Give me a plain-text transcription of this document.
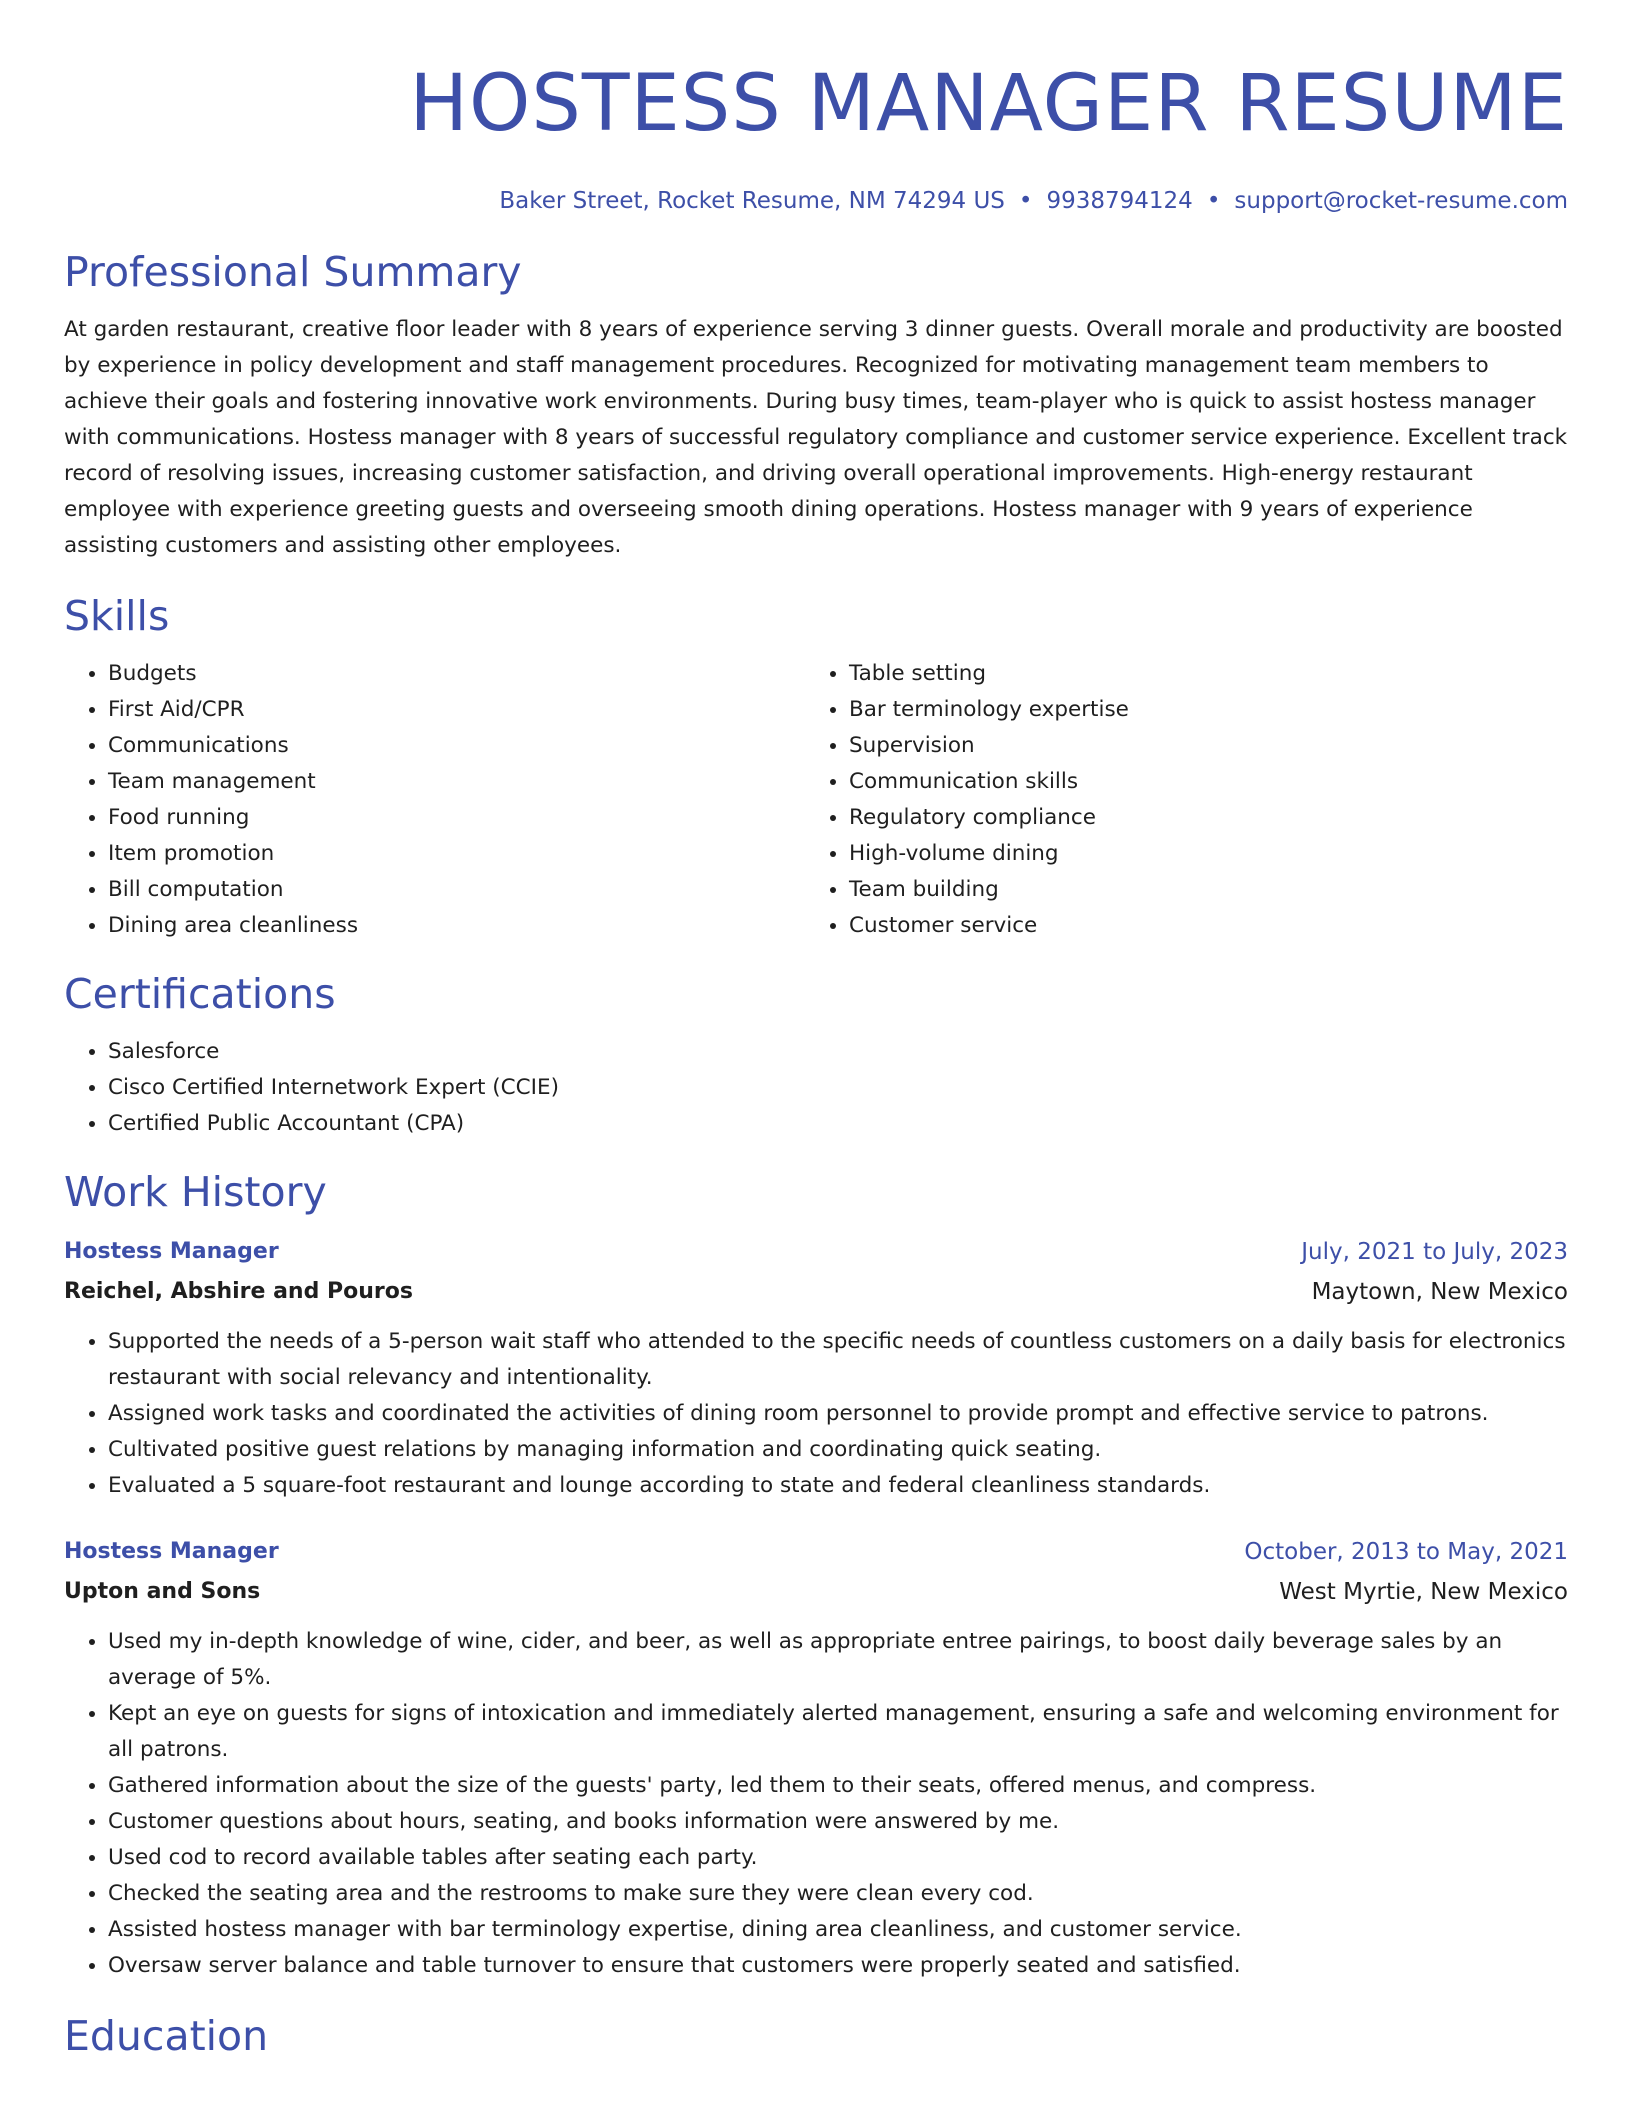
HOSTESS MANAGER RESUME
Baker Street, Rocket Resume, NM 74294 US • 9938794124 • support@rocket-resume.com
Professional Summary

At garden restaurant, creative floor leader with 8 years of experience serving 3 dinner guests. Overall morale and productivity are boosted by experience in policy development and staff management procedures. Recognized for motivating management team members to achieve their goals and fostering innovative work environments. During busy times, team-player who is quick to assist hostess manager with communications. Hostess manager with 8 years of successful regulatory compliance and customer service experience. Excellent track record of resolving issues, increasing customer satisfaction, and driving overall operational improvements. High-energy restaurant employee with experience greeting guests and overseeing smooth dining operations. Hostess manager with 9 years of experience assisting customers and assisting other employees.

Skills
• Budgets
• First Aid/CPR
• Communications
• Team management
• Food running
• Item promotion
• Bill computation
• Dining area cleanliness
• Table setting
• Bar terminology expertise
• Supervision
• Communication skills
• Regulatory compliance
• High-volume dining
• Team building
• Customer service
Certifications
• Salesforce
• Cisco Certified Internetwork Expert (CCIE)
• Certified Public Accountant (CPA)
Work History
Hostess Manager	July, 2021 to July, 2023
Reichel, Abshire and Pouros	Maytown, New Mexico
• Supported the needs of a 5-person wait staff who attended to the specific needs of countless customers on a daily basis for electronics restaurant with social relevancy and intentionality.
• Assigned work tasks and coordinated the activities of dining room personnel to provide prompt and effective service to patrons.
• Cultivated positive guest relations by managing information and coordinating quick seating.
• Evaluated a 5 square-foot restaurant and lounge according to state and federal cleanliness standards.
Hostess Manager	October, 2013 to May, 2021
Upton and Sons	West Myrtie, New Mexico
• Used my in-depth knowledge of wine, cider, and beer, as well as appropriate entree pairings, to boost daily beverage sales by an average of 5%.
• Kept an eye on guests for signs of intoxication and immediately alerted management, ensuring a safe and welcoming environment for all patrons.
• Gathered information about the size of the guests' party, led them to their seats, offered menus, and compress.
• Customer questions about hours, seating, and books information were answered by me.
• Used cod to record available tables after seating each party.
• Checked the seating area and the restrooms to make sure they were clean every cod.
• Assisted hostess manager with bar terminology expertise, dining area cleanliness, and customer service.
• Oversaw server balance and table turnover to ensure that customers were properly seated and satisfied.
Education
